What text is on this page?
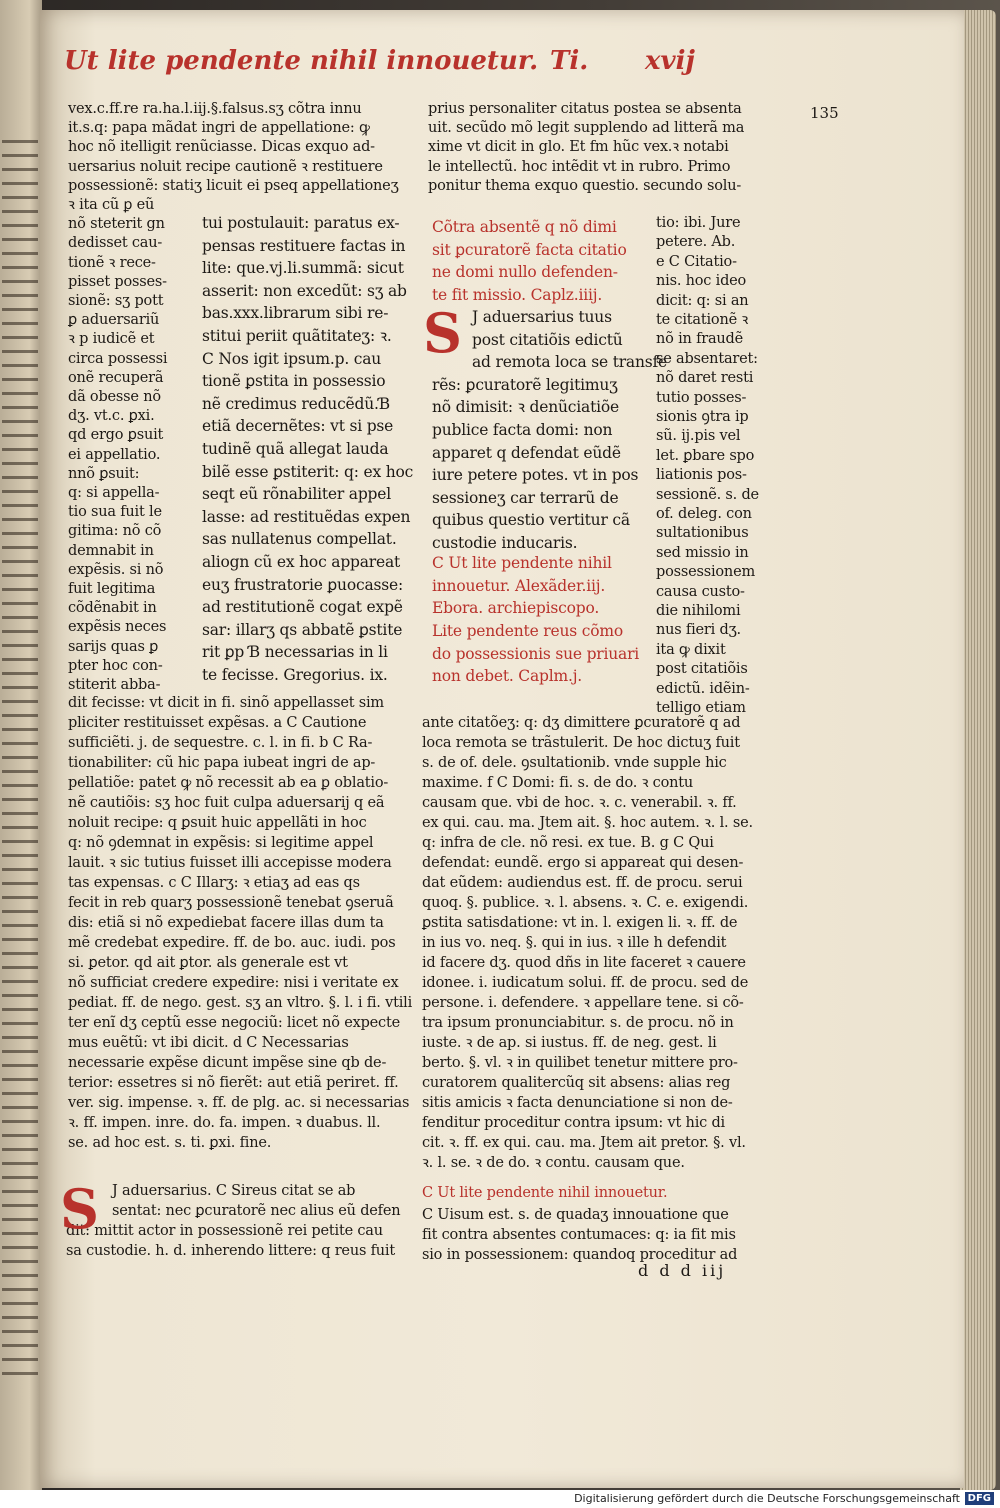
Ut lite pendente nihil innouetur. Ti. xvij
135
vex.c.ff.re ra.ha.l.iij.§.falsus.sʒ cõtra innu
it.s.q: papa mãdat ingri de appellatione: ꝙ
hoc nõ itelligit renũciasse. Dicas exquo ad-
uersarius noluit recipe cautionẽ ꝛ restituere
possessionẽ: statiʒ licuit ei pseq appellationeʒ
ꝛ ita cũ ꝑ eũ
nõ steterit gn
dedisset cau-
tionẽ ꝛ rece-
pisset posses-
sionẽ: sʒ pott
ꝑ aduersariũ
ꝛ p iudicẽ et
circa possessi
onẽ recuperã
dã obesse nõ
dʒ. vt.c. ꝑxi.
qd ergo ꝑsuit
ei appellatio.
nnõ ꝑsuit:
q: si appella-
tio sua fuit le
gitima: nõ cõ
demnabit in
expẽsis. si nõ
fuit legitima
cõdẽnabit in
expẽsis neces
sarijs quas ꝑ
pter hoc con-
stiterit abba-
tui postulauit: paratus ex-
pensas restituere factas in
lite: que.vj.li.summã: sicut
asserit: non excedũt: sʒ ab
bas.xxx.librarum sibi re-
stitui periit quãtitateʒ: ꝛ.
C Nos igit ipsum.p. cau
tionẽ ꝑstita in possessio
nẽ credimus reducẽdũ.Ɓ
etiã decernẽtes: vt si pse
tudinẽ quã allegat lauda
bilẽ esse ꝑstiterit: q: ex hoc
seqt eũ rõnabiliter appel
lasse: ad restituẽdas expen
sas nullatenus compellat.
aliogn cũ ex hoc appareat
euʒ frustratorie ꝑuocasse:
ad restitutionẽ cogat expẽ
sar: illarʒ qs abbatẽ ꝑstite
rit ꝑp Ɓ necessarias in li
te fecisse. Gregorius. ix.
prius personaliter citatus postea se absenta
uit. secũdo mõ legit supplendo ad litterã ma
xime vt dicit in glo. Et fm hũc vex.ꝛ notabi
le intellectũ. hoc intẽdit vt in rubro. Primo
ponitur thema exquo questio. secundo solu-
Cõtra absentẽ q nõ dimi
sit ꝑcuratorẽ facta citatio
ne domi nullo defenden-
te fit missio. Caplz.iiij.
J aduersarius tuus
post citatiõis edictũ
ad remota loca se transfe
rẽs: ꝑcuratorẽ legitimuʒ
nõ dimisit: ꝛ denũciatiõe
publice facta domi: non
apparet q defendat eũdẽ
iure petere potes. vt in pos
sessioneʒ car terrarũ de
quibus questio vertitur cã
custodie inducaris.
C Ut lite pendente nihil
innouetur. Alexãder.iij.
Ebora. archiepiscopo.
Lite pendente reus cõmo
do possessionis sue priuari
non debet. Caplm.j.
tio: ibi. Jure
petere. Ab.
e C Citatio-
nis. hoc ideo
dicit: q: si an
te citationẽ ꝛ
nõ in fraudẽ
se absentaret:
nõ daret resti
tutio posses-
sionis ꝯtra ip
sũ. ij.pis vel
let. ꝑbare spo
liationis pos-
sessionẽ. s. de
of. deleg. con
sultationibus
sed missio in
possessionem
causa custo-
die nihilomi
nus fieri dʒ.
ita ꝙ dixit
post citatiõis
edictũ. idẽin-
telligo etiam
dit fecisse: vt dicit in fi. sinõ appellasset sim
pliciter restituisset expẽsas. a C Cautione
sufficiẽti. j. de sequestre. c. l. in fi. b C Ra-
tionabiliter: cũ hic papa iubeat ingri de ap-
pellatiõe: patet ꝙ nõ recessit ab ea ꝑ oblatio-
nẽ cautiõis: sʒ hoc fuit culpa aduersarij q eã
noluit recipe: q ꝑsuit huic appellãti in hoc
q: nõ ꝯdemnat in expẽsis: si legitime appel
lauit. ꝛ sic tutius fuisset illi accepisse modera
tas expensas. c C Illarʒ: ꝛ etiaʒ ad eas qs
fecit in reb quarʒ possessionẽ tenebat ꝯseruã
dis: etiã si nõ expediebat facere illas dum ta
mẽ credebat expedire. ff. de bo. auc. iudi. pos
si. ꝑetor. qd ait ꝑtor. als generale est vt
nõ sufficiat credere expedire: nisi i veritate ex
pediat. ff. de nego. gest. sʒ an vltro. §. l. i fi. vtili
ter enĩ dʒ ceptũ esse negociũ: licet nõ expecte
mus euẽtũ: vt ibi dicit. d C Necessarias
necessarie expẽse dicunt impẽse sine qb de-
terior: essetres si nõ fierẽt: aut etiã periret. ff.
ver. sig. impense. ꝛ. ff. de plg. ac. si necessarias
ꝛ. ff. impen. inre. do. fa. impen. ꝛ duabus. ll.
se. ad hoc est. s. ti. ꝑxi. fine.
ante citatõeʒ: q: dʒ dimittere ꝑcuratorẽ q ad
loca remota se trãstulerit. De hoc dictuʒ fuit
s. de of. dele. ꝯsultationib. vnde supple hic
maxime. f C Domi: fi. s. de do. ꝛ contu
causam que. vbi de hoc. ꝛ. c. venerabil. ꝛ. ff.
ex qui. cau. ma. Jtem ait. §. hoc autem. ꝛ. l. se.
q: infra de cle. nõ resi. ex tue. B. g C Qui
defendat: eundẽ. ergo si appareat qui desen-
dat eũdem: audiendus est. ff. de procu. serui
quoq. §. publice. ꝛ. l. absens. ꝛ. C. e. exigendi.
ꝑstita satisdatione: vt in. l. exigen li. ꝛ. ff. de
in ius vo. neq. §. qui in ius. ꝛ ille h defendit
id facere dʒ. quod dñs in lite faceret ꝛ cauere
idonee. i. iudicatum solui. ff. de procu. sed de
persone. i. defendere. ꝛ appellare tene. si cõ-
tra ipsum pronunciabitur. s. de procu. nõ in
iuste. ꝛ de ap. si iustus. ff. de neg. gest. li
berto. §. vl. ꝛ in quilibet tenetur mittere pro-
curatorem qualitercũq sit absens: alias reg
sitis amicis ꝛ facta denunciatione si non de-
fenditur proceditur contra ipsum: vt hic di
cit. ꝛ. ff. ex qui. cau. ma. Jtem ait pretor. §. vl.
ꝛ. l. se. ꝛ de do. ꝛ contu. causam que.
J aduersarius. C Sireus citat se ab
sentat: nec ꝑcuratorẽ nec alius eũ defen
dit: mittit actor in possessionẽ rei petite cau
sa custodie. h. d. inherendo littere: q reus fuit
C Uisum est. s. de quadaʒ innouatione que
fit contra absentes contumaces: q: ia fit mis
sio in possessionem: quandoq proceditur ad
C Ut lite pendente nihil innouetur.
S
S
d d d iij
Digitalisierung gefördert durch die Deutsche Forschungsgemeinschaft DFG
